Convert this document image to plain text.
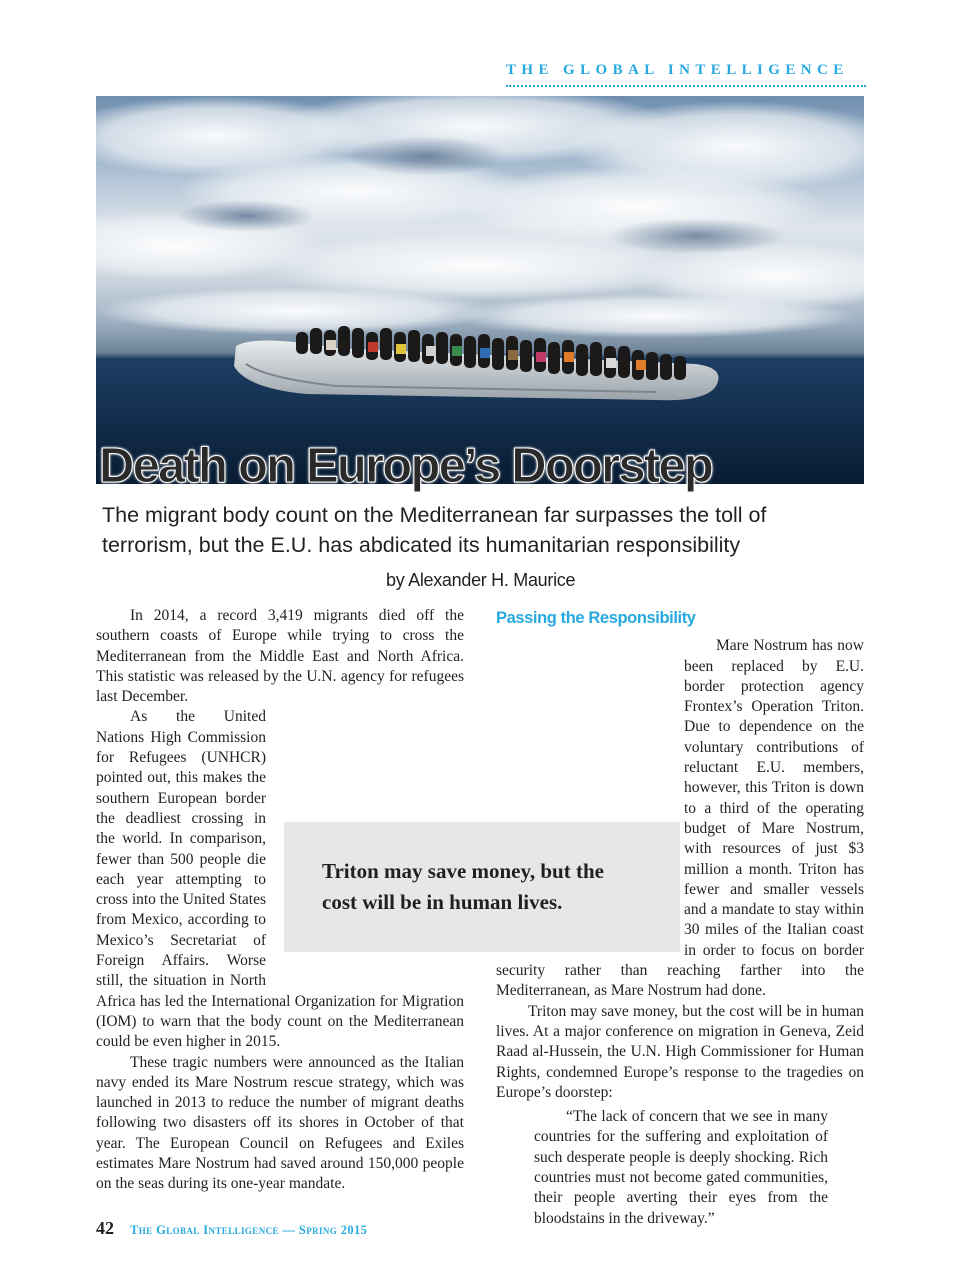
THE GLOBAL INTELLIGENCE
Death on Europe’s Doorstep
The migrant body count on the Mediterranean far surpasses the toll of terrorism, but the E.U. has abdicated its humanitarian responsibility
by Alexander H. Maurice

In 2014, a record 3,419 migrants died off the southern coasts of Europe while trying to cross the Mediterranean from the Middle East and North Africa. This statistic was released by the U.N. agency for refugees last December.

As the United Nations High Commission for Refugees (UNHCR) pointed out, this makes the southern European border the deadliest crossing in the world. In comparison, fewer than 500 people die each year attempting to cross into the United States from Mexico, according to Mexico’s Secretariat of Foreign Affairs. Worse still, the situation in North Africa has led the International Organization for Migration (IOM) to warn that the body count on the Mediterranean could be even higher in 2015.

These tragic numbers were announced as the Italian navy ended its Mare Nostrum rescue strategy, which was launched in 2013 to reduce the number of migrant deaths following two disasters off its shores in October of that year. The European Council on Refugees and Exiles estimates Mare Nostrum had saved around 150,000 people on the seas during its one-year mandate.

Passing the Responsibility

Mare Nostrum has now been replaced by E.U. border protection agency Frontex’s Operation Triton. Due to dependence on the voluntary contributions of reluctant E.U. members, however, this Triton is down to a third of the operating budget of Mare Nostrum, with resources of just $3 million a month. Triton has fewer and smaller vessels and a mandate to stay within 30 miles of the Italian coast in order to focus on border security rather than reaching farther into the Mediterranean, as Mare Nostrum had done.

Triton may save money, but the cost will be in human lives. At a major conference on migration in Geneva, Zeid Raad al-Hussein, the U.N. High Commissioner for Human Rights, condemned Europe’s response to the tragedies on Europe’s doorstep:

“The lack of concern that we see in many countries for the suffering and exploitation of such desperate people is deeply shocking. Rich countries must not become gated communities, their people averting their eyes from the bloodstains in the driveway.”

Triton may save money, but the cost will be in human lives.
42 The Global Intelligence — Spring 2015
